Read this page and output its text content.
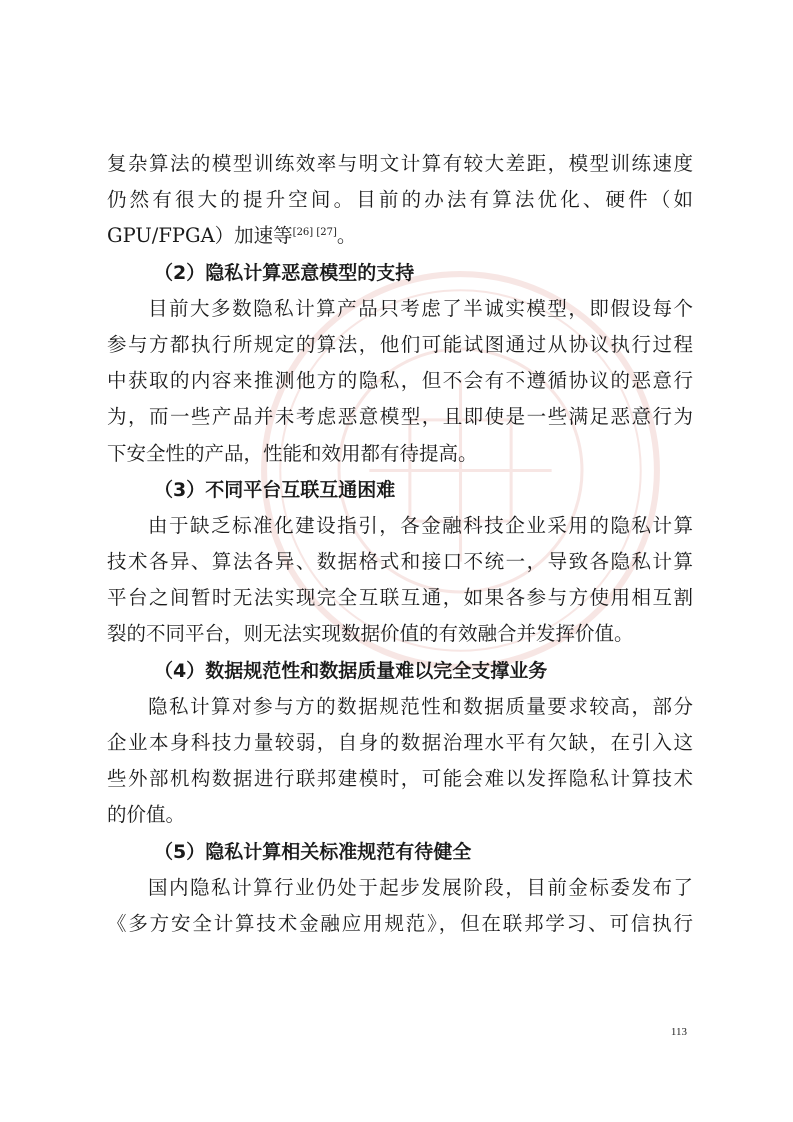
复杂算法的模型训练效率与明文计算有较大差距，模型训练速度
仍然有很大的提升空间。目前的办法有算法优化、硬件（如
GPU/FPGA）加速等[26] [27]。
（2）隐私计算恶意模型的支持
目前大多数隐私计算产品只考虑了半诚实模型，即假设每个
参与方都执行所规定的算法，他们可能试图通过从协议执行过程
中获取的内容来推测他方的隐私，但不会有不遵循协议的恶意行
为，而一些产品并未考虑恶意模型，且即使是一些满足恶意行为
下安全性的产品，性能和效用都有待提高。
（3）不同平台互联互通困难
由于缺乏标准化建设指引，各金融科技企业采用的隐私计算
技术各异、算法各异、数据格式和接口不统一，导致各隐私计算
平台之间暂时无法实现完全互联互通，如果各参与方使用相互割
裂的不同平台，则无法实现数据价值的有效融合并发挥价值。
（4）数据规范性和数据质量难以完全支撑业务
隐私计算对参与方的数据规范性和数据质量要求较高，部分
企业本身科技力量较弱，自身的数据治理水平有欠缺，在引入这
些外部机构数据进行联邦建模时，可能会难以发挥隐私计算技术
的价值。
（5）隐私计算相关标准规范有待健全
国内隐私计算行业仍处于起步发展阶段，目前金标委发布了
《多方安全计算技术金融应用规范》，但在联邦学习、可信执行
113
